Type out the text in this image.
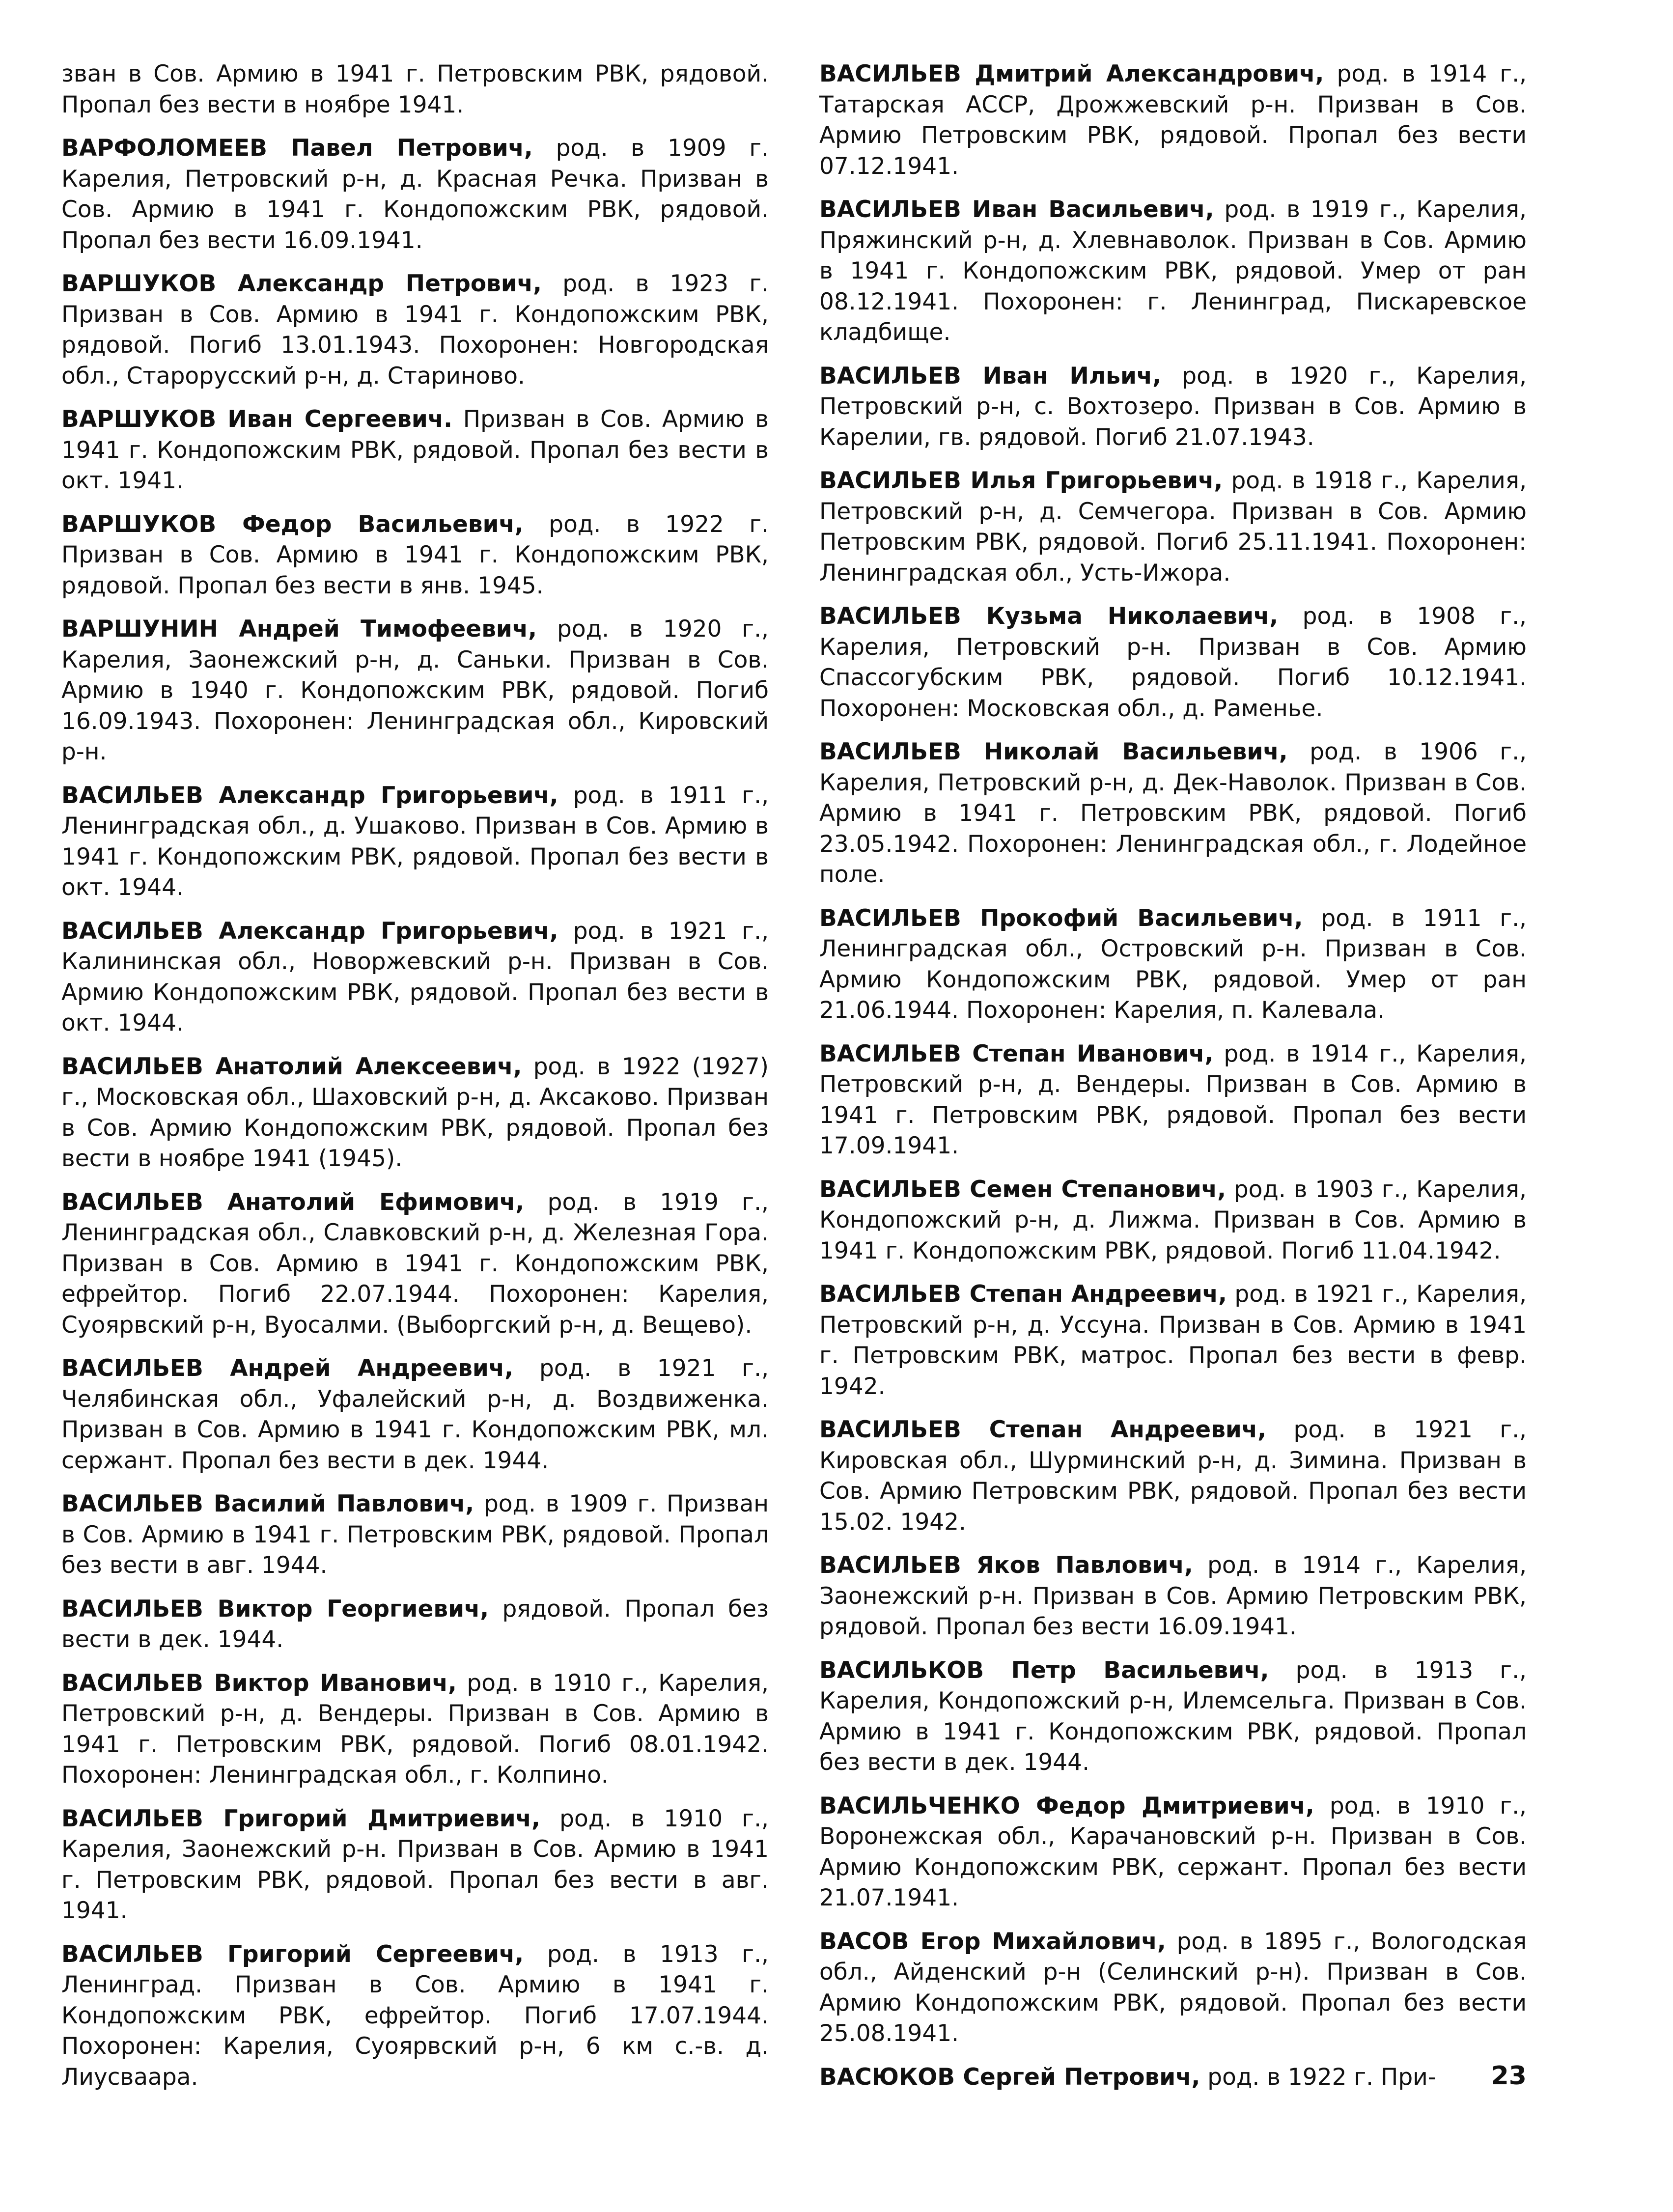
зван в Сов. Армию в 1941 г. Петровским РВК, рядовой. Пропал без вести в ноябре 1941.

ВАРФОЛОМЕЕВ Павел Петрович, род. в 1909 г. Карелия, Петровский р-н, д. Красная Речка. Призван в Сов. Армию в 1941 г. Кондопожским РВК, рядовой. Пропал без вести 16.09.1941.

ВАРШУКОВ Александр Петрович, род. в 1923 г. Призван в Сов. Армию в 1941 г. Кондопожским РВК, рядовой. Погиб 13.01.1943. Похоронен: Новгородская обл., Старорусский р-н, д. Стариново.

ВАРШУКОВ Иван Сергеевич. Призван в Сов. Армию в 1941 г. Кондопожским РВК, рядовой. Пропал без вести в окт. 1941.

ВАРШУКОВ Федор Васильевич, род. в 1922 г. Призван в Сов. Армию в 1941 г. Кондопожским РВК, рядовой. Пропал без вести в янв. 1945.

ВАРШУНИН Андрей Тимофеевич, род. в 1920 г., Карелия, Заонежский р-н, д. Саньки. Призван в Сов. Армию в 1940 г. Кондопожским РВК, рядовой. Погиб 16.09.1943. Похоронен: Ленинградская обл., Кировский р-н.

ВАСИЛЬЕВ Александр Григорьевич, род. в 1911 г., Ленинградская обл., д. Ушаково. Призван в Сов. Армию в 1941 г. Кондопожским РВК, рядовой. Пропал без вести в окт. 1944.

ВАСИЛЬЕВ Александр Григорьевич, род. в 1921 г., Калининская обл., Новоржевский р-н. Призван в Сов. Армию Кондопожским РВК, рядовой. Пропал без вести в окт. 1944.

ВАСИЛЬЕВ Анатолий Алексеевич, род. в 1922 (1927) г., Московская обл., Шаховский р-н, д. Аксаково. Призван в Сов. Армию Кондопожским РВК, рядовой. Пропал без вести в ноябре 1941 (1945).

ВАСИЛЬЕВ Анатолий Ефимович, род. в 1919 г., Ленинградская обл., Славковский р-н, д. Железная Гора. Призван в Сов. Армию в 1941 г. Кондопожским РВК, ефрейтор. Погиб 22.07.1944. Похоронен: Карелия, Суоярвский р-н, Вуосалми. (Выборгский р-н, д. Вещево).

ВАСИЛЬЕВ Андрей Андреевич, род. в 1921 г., Челябинская обл., Уфалейский р-н, д. Воздвиженка. Призван в Сов. Армию в 1941 г. Кондопожским РВК, мл. сержант. Пропал без вести в дек. 1944.

ВАСИЛЬЕВ Василий Павлович, род. в 1909 г. Призван в Сов. Армию в 1941 г. Петровским РВК, рядовой. Пропал без вести в авг. 1944.

ВАСИЛЬЕВ Виктор Георгиевич, рядовой. Пропал без вести в дек. 1944.

ВАСИЛЬЕВ Виктор Иванович, род. в 1910 г., Карелия, Петровский р-н, д. Вендеры. Призван в Сов. Армию в 1941 г. Петровским РВК, рядовой. Погиб 08.01.1942. Похоронен: Ленинградская обл., г. Колпино.

ВАСИЛЬЕВ Григорий Дмитриевич, род. в 1910 г., Карелия, Заонежский р-н. Призван в Сов. Армию в 1941 г. Петровским РВК, рядовой. Пропал без вести в авг. 1941.

ВАСИЛЬЕВ Григорий Сергеевич, род. в 1913 г., Ленинград. Призван в Сов. Армию в 1941 г. Кондопожским РВК, ефрейтор. Погиб 17.07.1944. Похоронен: Карелия, Суоярвский р-н, 6 км с.-в. д. Лиусваара.

ВАСИЛЬЕВ Дмитрий Александрович, род. в 1914 г., Татарская АССР, Дрожжевский р-н. Призван в Сов. Армию Петровским РВК, рядовой. Пропал без вести 07.12.1941.

ВАСИЛЬЕВ Иван Васильевич, род. в 1919 г., Карелия, Пряжинский р-н, д. Хлевнаволок. Призван в Сов. Армию в 1941 г. Кондопожским РВК, рядовой. Умер от ран 08.12.1941. Похоронен: г. Ленинград, Пискаревское кладбище.

ВАСИЛЬЕВ Иван Ильич, род. в 1920 г., Карелия, Петровский р-н, с. Вохтозеро. Призван в Сов. Армию в Карелии, гв. рядовой. Погиб 21.07.1943.

ВАСИЛЬЕВ Илья Григорьевич, род. в 1918 г., Карелия, Петровский р-н, д. Семчегора. Призван в Сов. Армию Петровским РВК, рядовой. Погиб 25.11.1941. Похоронен: Ленинградская обл., Усть-Ижора.

ВАСИЛЬЕВ Кузьма Николаевич, род. в 1908 г., Карелия, Петровский р-н. Призван в Сов. Армию Спассогубским РВК, рядовой. Погиб 10.12.1941. Похоронен: Московская обл., д. Раменье.

ВАСИЛЬЕВ Николай Васильевич, род. в 1906 г., Карелия, Петровский р-н, д. Дек-Наволок. Призван в Сов. Армию в 1941 г. Петровским РВК, рядовой. Погиб 23.05.1942. Похоронен: Ленинградская обл., г. Лодейное поле.

ВАСИЛЬЕВ Прокофий Васильевич, род. в 1911 г., Ленинградская обл., Островский р-н. Призван в Сов. Армию Кондопожским РВК, рядовой. Умер от ран 21.06.1944. Похоронен: Карелия, п. Калевала.

ВАСИЛЬЕВ Степан Иванович, род. в 1914 г., Карелия, Петровский р-н, д. Вендеры. Призван в Сов. Армию в 1941 г. Петровским РВК, рядовой. Пропал без вести 17.09.1941.

ВАСИЛЬЕВ Семен Степанович, род. в 1903 г., Карелия, Кондопожский р-н, д. Лижма. Призван в Сов. Армию в 1941 г. Кондопожским РВК, рядовой. Погиб 11.04.1942.

ВАСИЛЬЕВ Степан Андреевич, род. в 1921 г., Карелия, Петровский р-н, д. Уссуна. Призван в Сов. Армию в 1941 г. Петровским РВК, матрос. Пропал без вести в февр. 1942.

ВАСИЛЬЕВ Степан Андреевич, род. в 1921 г., Кировская обл., Шурминский р-н, д. Зимина. Призван в Сов. Армию Петровским РВК, рядовой. Пропал без вести 15.02. 1942.

ВАСИЛЬЕВ Яков Павлович, род. в 1914 г., Карелия, Заонежский р-н. Призван в Сов. Армию Петровским РВК, рядовой. Пропал без вести 16.09.1941.

ВАСИЛЬКОВ Петр Васильевич, род. в 1913 г., Карелия, Кондопожский р-н, Илемсельга. Призван в Сов. Армию в 1941 г. Кондопожским РВК, рядовой. Пропал без вести в дек. 1944.

ВАСИЛЬЧЕНКО Федор Дмитриевич, род. в 1910 г., Воронежская обл., Карачановский р-н. Призван в Сов. Армию Кондопожским РВК, сержант. Пропал без вести 21.07.1941.

ВАСОВ Егор Михайлович, род. в 1895 г., Вологодская обл., Айденский р-н (Селинский р-н). Призван в Сов. Армию Кондопожским РВК, рядовой. Пропал без вести 25.08.1941.

ВАСЮКОВ Сергей Петрович, род. в 1922 г. При-	23
